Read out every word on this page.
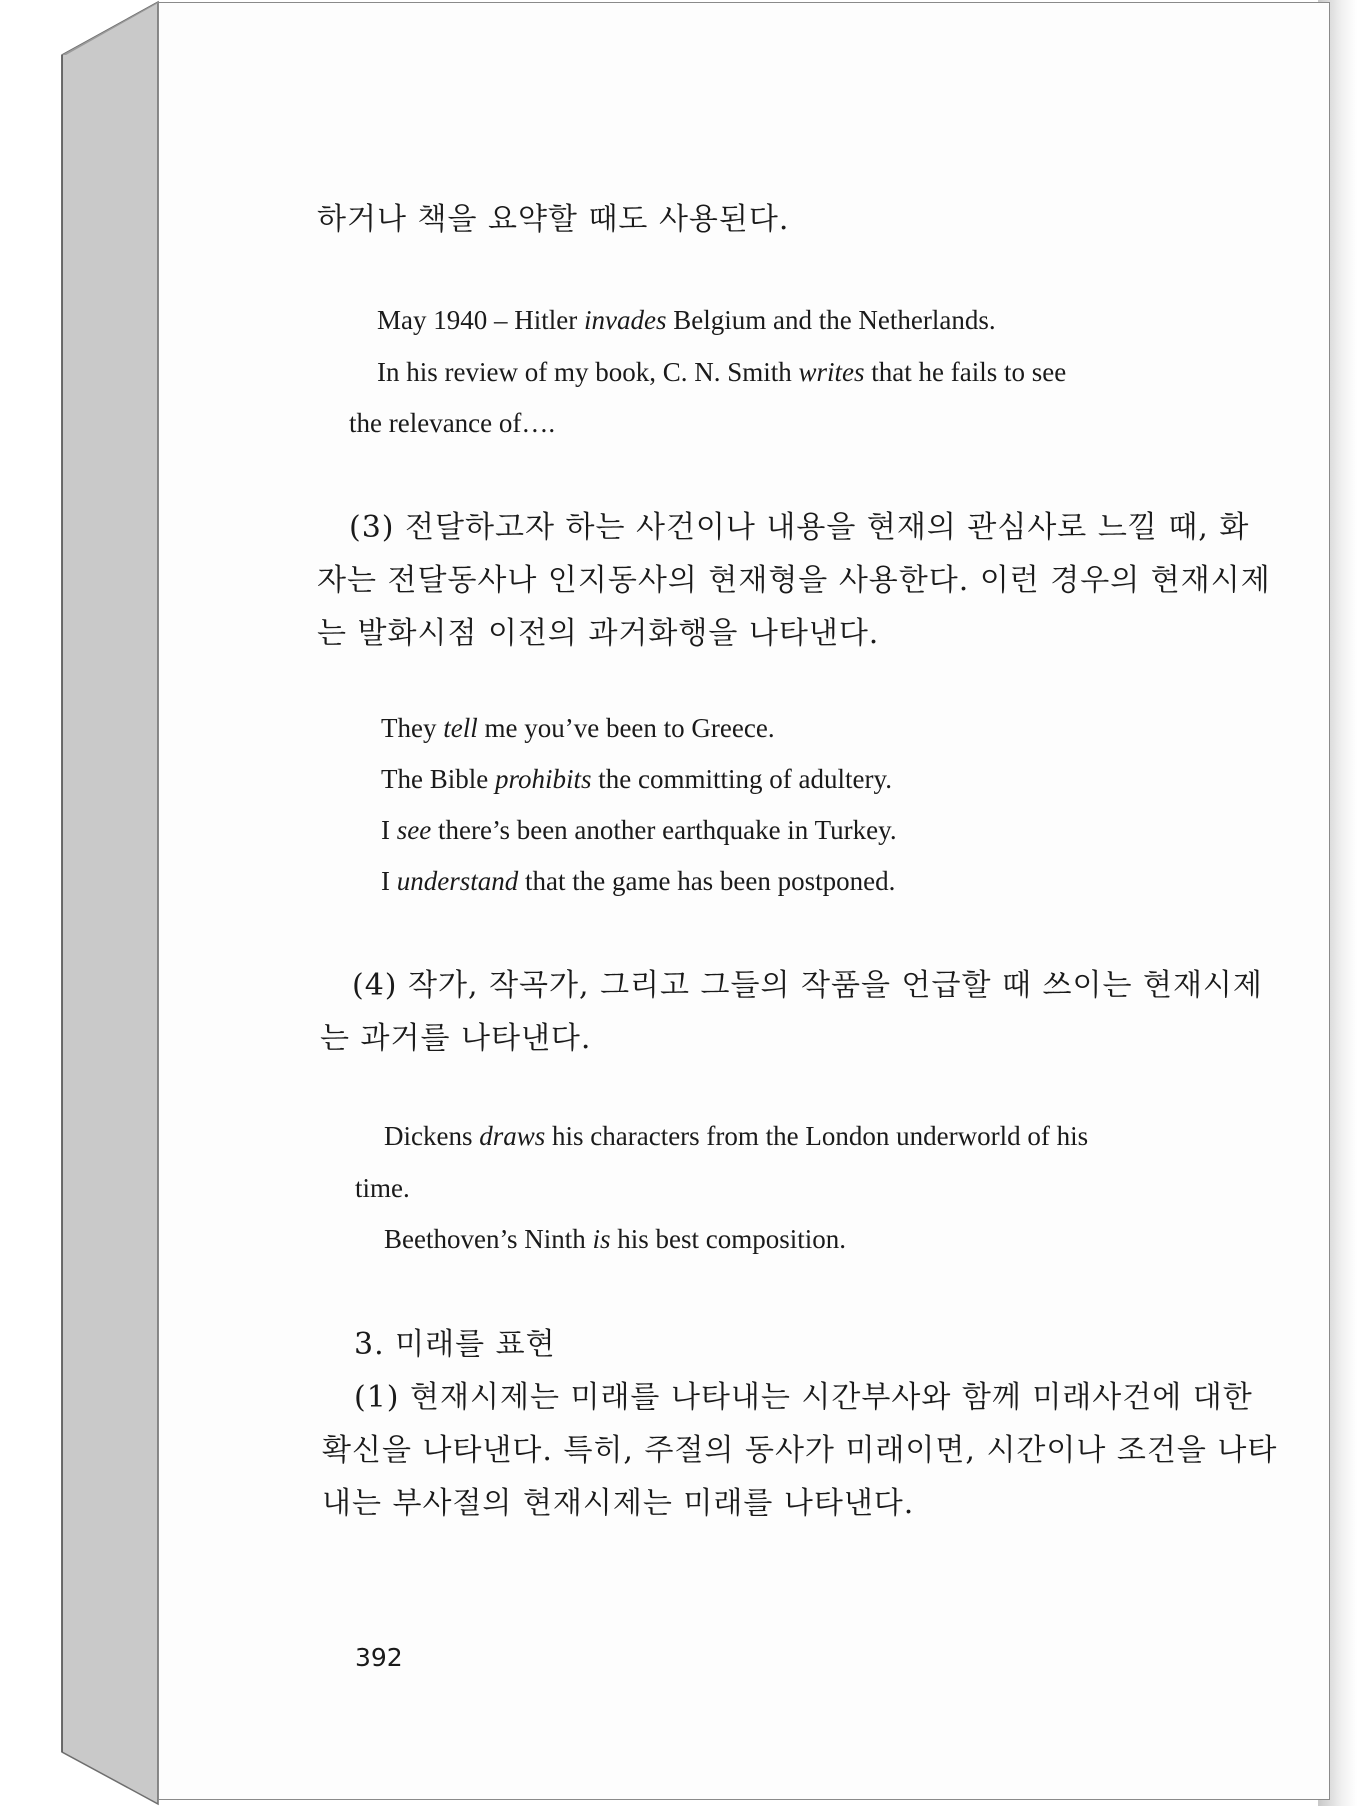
하거나 책을 요약할 때도 사용된다.
May 1940 – Hitler invades Belgium and the Netherlands.
In his review of my book, C. N. Smith writes that he fails to see
the relevance of….
(3) 전달하고자 하는 사건이나 내용을 현재의 관심사로 느낄 때, 화
자는 전달동사나 인지동사의 현재형을 사용한다. 이런 경우의 현재시제
는 발화시점 이전의 과거화행을 나타낸다.
They tell me you’ve been to Greece.
The Bible prohibits the committing of adultery.
I see there’s been another earthquake in Turkey.
I understand that the game has been postponed.
(4) 작가, 작곡가, 그리고 그들의 작품을 언급할 때 쓰이는 현재시제
는 과거를 나타낸다.
Dickens draws his characters from the London underworld of his
time.
Beethoven’s Ninth is his best composition.
3. 미래를 표현
(1) 현재시제는 미래를 나타내는 시간부사와 함께 미래사건에 대한
확신을 나타낸다. 특히, 주절의 동사가 미래이면, 시간이나 조건을 나타
내는 부사절의 현재시제는 미래를 나타낸다.
392
